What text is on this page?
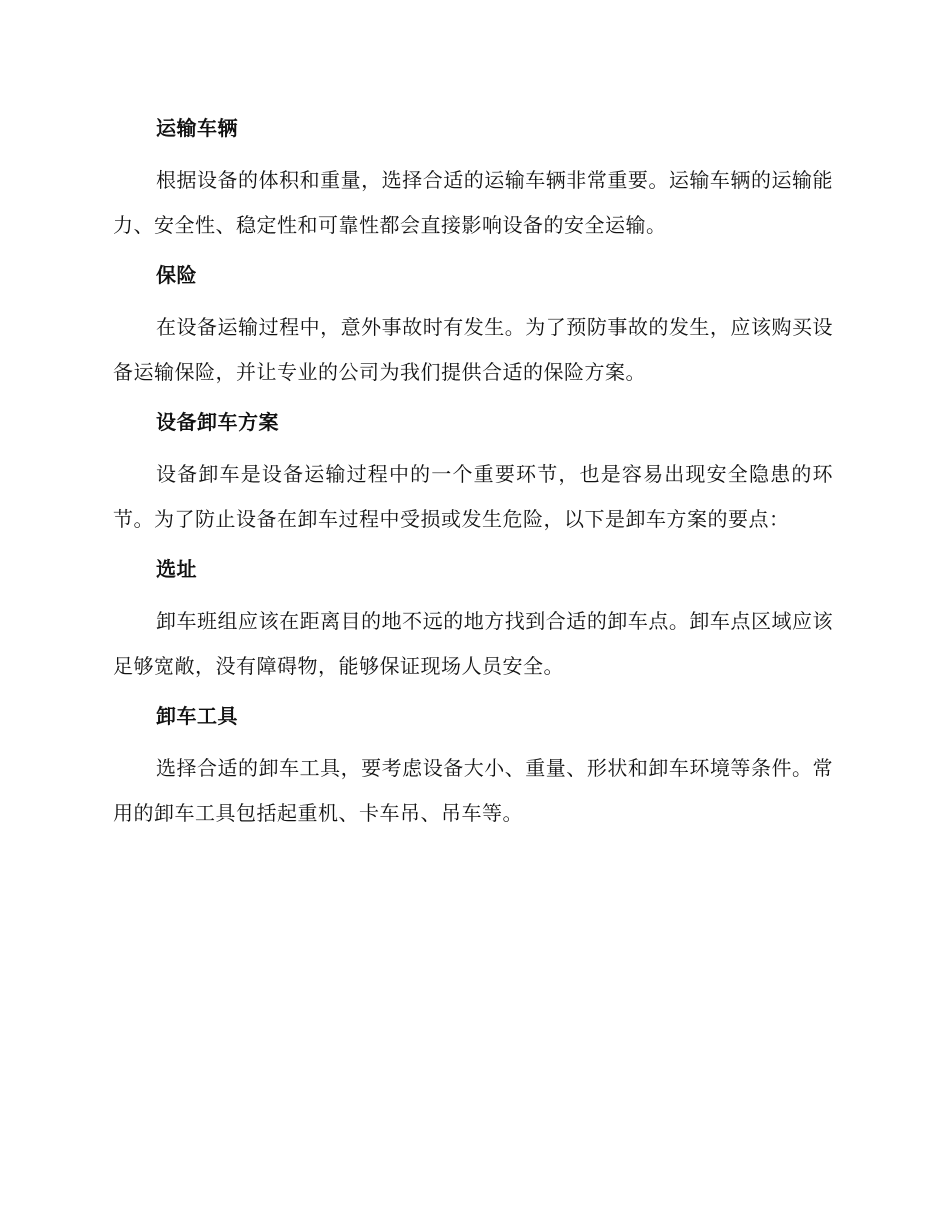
运输车辆

根据设备的体积和重量，选择合适的运输车辆非常重要。运输车辆的运输能力、安全性、稳定性和可靠性都会直接影响设备的安全运输。

保险

在设备运输过程中，意外事故时有发生。为了预防事故的发生，应该购买设备运输保险，并让专业的公司为我们提供合适的保险方案。

设备卸车方案

设备卸车是设备运输过程中的一个重要环节，也是容易出现安全隐患的环节。为了防止设备在卸车过程中受损或发生危险，以下是卸车方案的要点：

选址

卸车班组应该在距离目的地不远的地方找到合适的卸车点。卸车点区域应该足够宽敞，没有障碍物，能够保证现场人员安全。

卸车工具

选择合适的卸车工具，要考虑设备大小、重量、形状和卸车环境等条件。常用的卸车工具包括起重机、卡车吊、吊车等。
